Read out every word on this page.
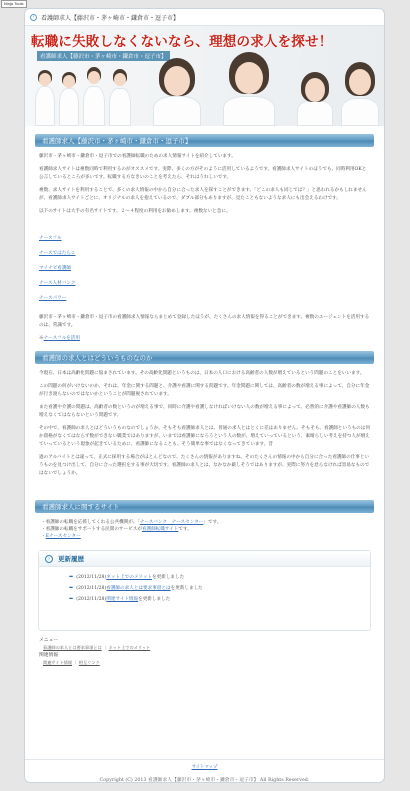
Ninja Tools
›	看護師求人【藤沢市・茅ヶ崎市・鎌倉市・逗子市】
転職に失敗しなくないなら、理想の求人を探せ！
看護師求人【藤沢市・茅ヶ崎市・鎌倉市・逗子市】
看護師求人【藤沢市・茅ヶ崎市・鎌倉市・逗子市】
藤沢市・茅ヶ崎市・鎌倉市・逗子市での看護師転職のための求人情報サイトを紹介しています。
看護師求人サイトは複数同時で利用するのがオススメです。実際、多くの方がそのように活用しているようです。看護師求人サイトのほうでも、同時利用OKと公言しているところが多いです。転職する方なきいのことを考えたら、それはうれしいです。
複数、求人サイトを利用することで、多くの求人情報の中から自分に合った求人を探すことができます。「どこの求人も同じでは？」と思われるかもしれませんが、看護師求人サイトごとに、オリジナルの求人を抱えているので、ダブル部分もありますが、見たこともないような求人にも出会えるわけです。
以下のサイトは大手の有名サイトです。２～４程度の利用をお勧めします。複数ないと急に。
ナースフル
ナースではたらこ
マイナビ看護師
ナース人材バンク
ナースパワー
藤沢市・茅ヶ崎市・鎌倉市・逗子市の看護師求人情報ならまとめて登録したほうが、たくさんの求人情報を得ることができます。複数のエージェントを活用するのは、常識です。
※ナースフルを活用
看護師の求人とはどういうものなのか
今現在、日本は高齢化問題に悩まされています。その高齢化問題というものは、日本の人口における高齢者の人数が増えているという問題のことをいいます。
この問題の何がいけないのか、それは、年金に関する問題と、介護や看護に関する問題です。年金問題に関しては、高齢者の数が増える事によって、自分に年金が行き渡らないのではないかということが問題視されています。
また看護や介護の問題は、高齢者の数というのが増える事で、同時に介護や看護しなければいけない人の数が増える事によって、必然的に介護や看護師の人数も増えなくてはならないという問題です。
その中で、看護師の求人とはどういうものなのでしょうか。そもそも看護師求人とは、普通の求人とはとくに差はありません。そもそも、看護師というものは何か資格がなくてはならず数ができない職業ではありますが、いまでは看護師になろうという人の数が、増えていっているという、素晴らしい考えを持つ人が増えていっているという現象が起きているために、看護師になることも、そう簡単な事ではなくなってきています。昔
過のアルバイトとは違って、正式に採用する場合がほとんどなので、たくさんの情報がありますね。そのたくさんの情報の中から自分に合った看護師の仕事というものを見つけ出して、自分に合った選択をする事が大切です。看護師の求人とは、なかなか厳しそうではありますが、実際に努力を怠らなければ容易なものではないでしょうか。
看護師求人に関するサイト
・看護師の転職を応援してくれる公共機関が、「ナースバンク　ナースセンター」です。
・看護師の転職をサポートする民間のサービスが看護師転職サイトです。
・Eナースセンター
›	更新履歴
➡ (2012/11/28)ネット上でのメリットを更新しました
➡ (2012/11/28)看護師の求人とは要求事項とはを更新しました
➡ (2012/11/28)関連サイト情報を更新しました
メニュー
看護師の求人とは要求事項とは ｜ ネット上でのメリット
関連情報
関連サイト情報 ｜ 相互リンク
サイトマップ
Copyright (C) 2013 看護師求人【藤沢市・茅ヶ崎市・鎌倉市・逗子市】 All Rights Reserved.
